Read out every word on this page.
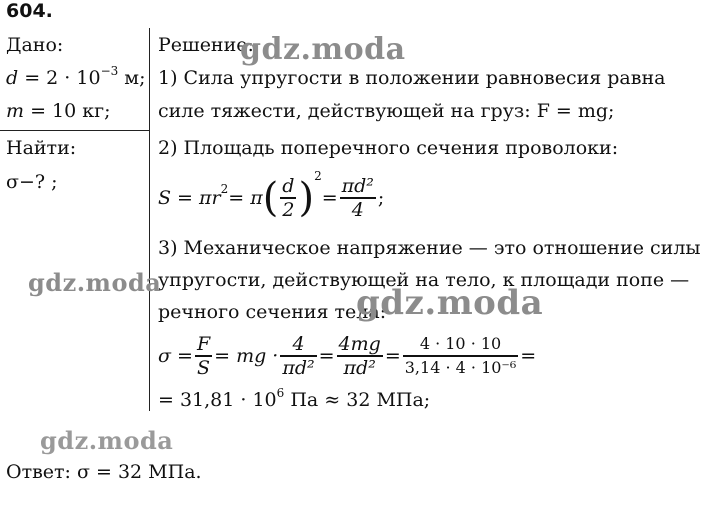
604.
Дано:
$d = 2 \cdot 10^{-3}$ м;
m = 10 кг;
Найти:
σ−? ;
Решение:
1) Сила упругости в положении равновесия равна
силе тяжести, действующей на груз: F = mg;
2) Площадь поперечного сечения проволоки:
S = πr 2 = π ( $\frac{d}{2}$ ) 2
= $\frac{\text{πd²}}{4}$ ;
3) Механическое напряжение — это отношение силы
упругости, действующей на тело, к площади попе —
речного сечения тела:
$\sigma = \frac{F}{S}$ = mg · $\frac{4}{\text{πd²}} = \frac{4mg}{\text{πd²}} = \frac{4 \cdot 10 \cdot 10}{\text{3,14 · 4 · 10⁻⁶}}$ =
= $31,81 \cdot 10^6$ Па ≈ 32 МПа;
Ответ: σ = 32 МПа.
gdz.moda
gdz.moda
gdz.moda
gdz.moda
